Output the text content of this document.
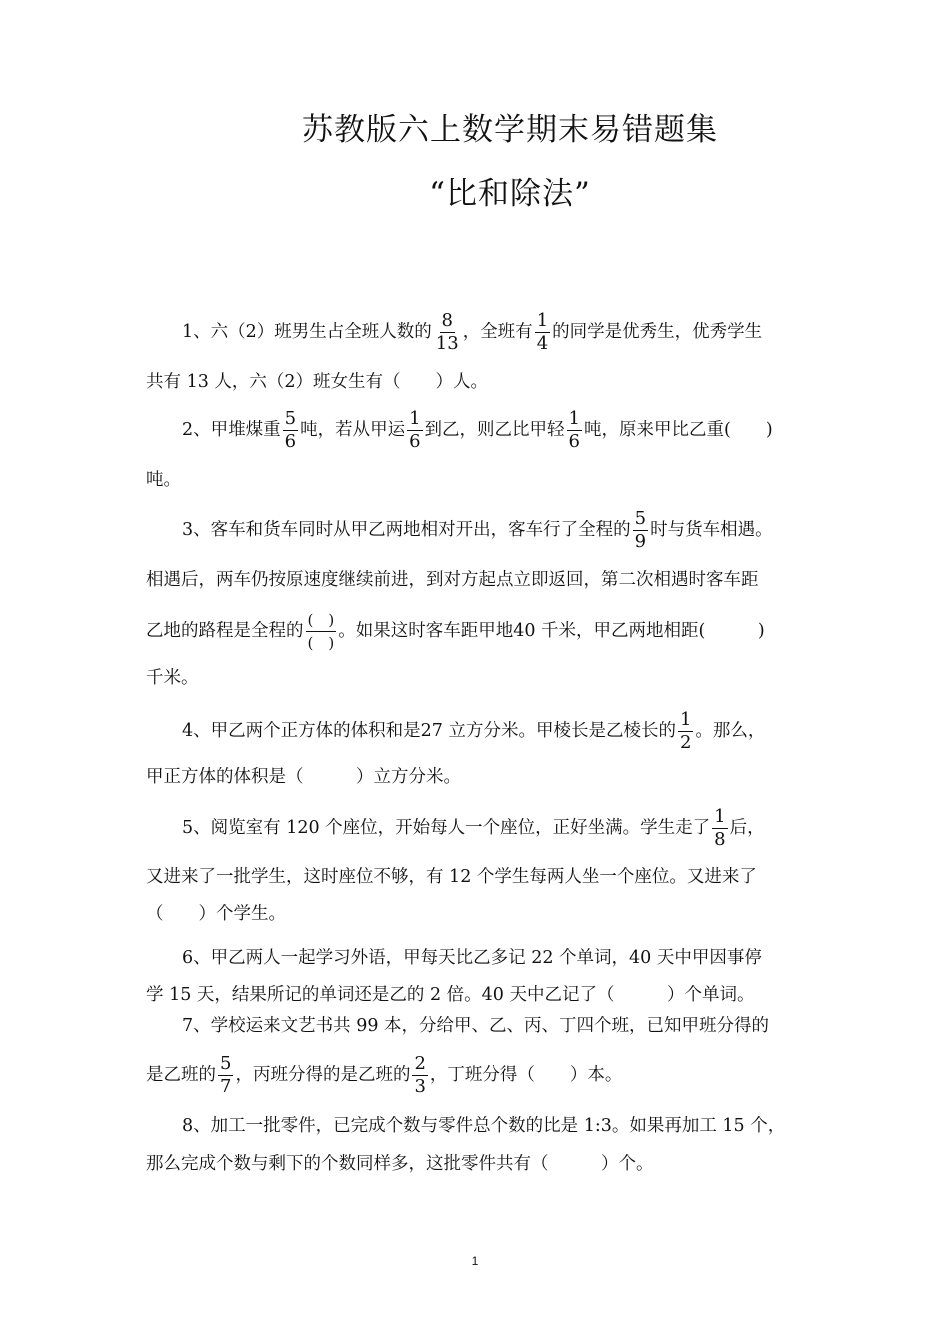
苏教版六上数学期末易错题集
“比和除法”
1、六（2）班男生占全班人数的 $\frac{8}{13}$ ，全班有 $\frac{1}{4}$ 的同学是优秀生，优秀学生
共有 13 人，六（2）班女生有（　　）人。
2、甲堆煤重 $\frac{5}{6}$ 吨，若从甲运 $\frac{1}{6}$ 到乙，则乙比甲轻 $\frac{1}{6}$ 吨，原来甲比乙重(　　)
吨。
3、客车和货车同时从甲乙两地相对开出，客车行了全程的 $\frac{5}{9}$ 时与货车相遇。
相遇后，两车仍按原速度继续前进，到对方起点立即返回，第二次相遇时客车距
乙地的路程是全程的 $\frac{( )}{( )}$ 。如果这时客车距甲地40 千米，甲乙两地相距(　　　)
千米。
4、甲乙两个正方体的体积和是27 立方分米。甲棱长是乙棱长的 $\frac{1}{2}$ 。那么，
甲正方体的体积是（　　　）立方分米。
5、阅览室有 120 个座位，开始每人一个座位，正好坐满。学生走了 $\frac{1}{8}$ 后，
又进来了一批学生，这时座位不够，有 12 个学生每两人坐一个座位。又进来了
（　　）个学生。
6、甲乙两人一起学习外语，甲每天比乙多记 22 个单词，40 天中甲因事停
学 15 天，结果所记的单词还是乙的 2 倍。40 天中乙记了（　　　）个单词。
7、学校运来文艺书共 99 本，分给甲、乙、丙、丁四个班，已知甲班分得的
是乙班的 $\frac{5}{7}$ ，丙班分得的是乙班的 $\frac{2}{3}$ ，丁班分得（　　）本。
8、加工一批零件，已完成个数与零件总个数的比是 1:3。如果再加工 15 个，
那么完成个数与剩下的个数同样多，这批零件共有（　　　）个。
1
